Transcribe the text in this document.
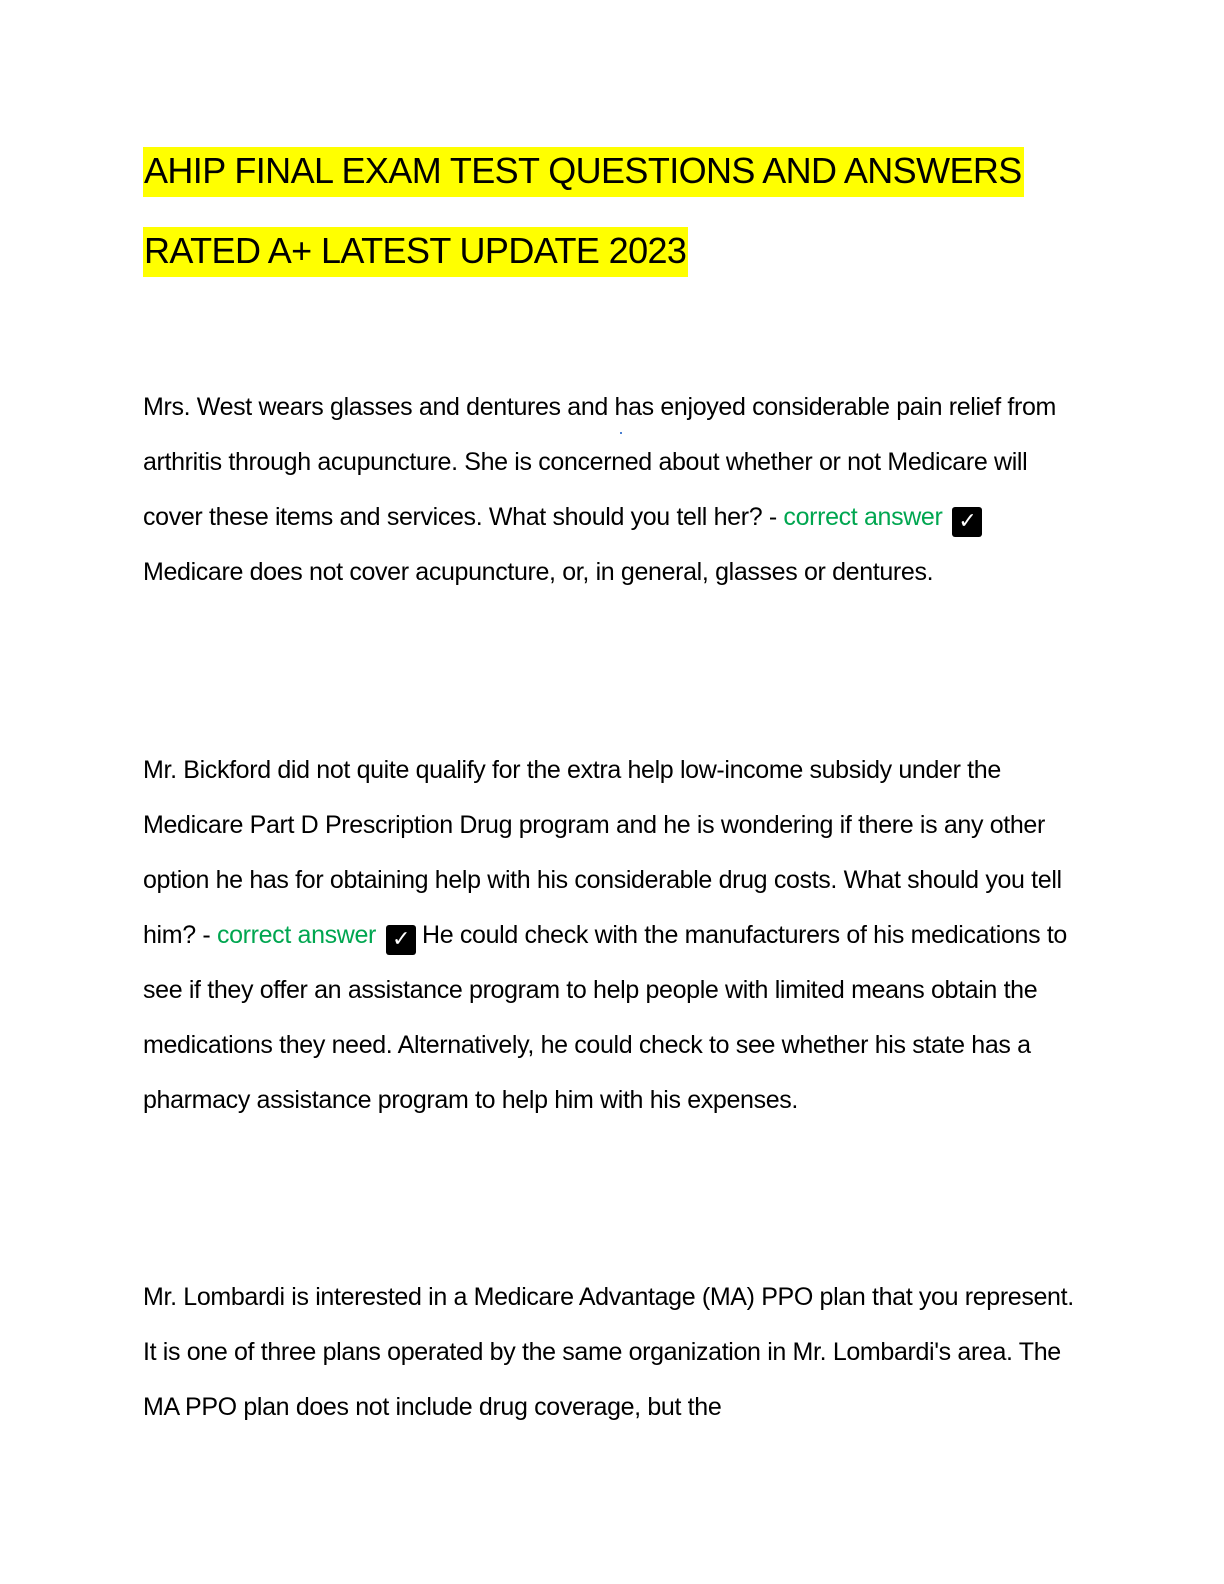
AHIP FINAL EXAM TEST QUESTIONS AND ANSWERS
RATED A+ LATEST UPDATE 2023

Mrs. West wears glasses and dentures and has enjoyed considerable pain relief from arthritis through acupuncture. She is concerned about whether or not Medicare will cover these items and services. What should you tell her? - correct answer ✓Medicare does not cover acupuncture, or, in general, glasses or dentures.

Mr. Bickford did not quite qualify for the extra help low-income subsidy under the Medicare Part D Prescription Drug program and he is wondering if there is any other option he has for obtaining help with his considerable drug costs. What should you tell him? - correct answer ✓ He could check with the manufacturers of his medications to see if they offer an assistance program to help people with limited means obtain the medications they need. Alternatively, he could check to see whether his state has a pharmacy assistance program to help him with his expenses.

Mr. Lombardi is interested in a Medicare Advantage (MA) PPO plan that you represent. It is one of three plans operated by the same organization in Mr. Lombardi's area. The MA PPO plan does not include drug coverage, but the
